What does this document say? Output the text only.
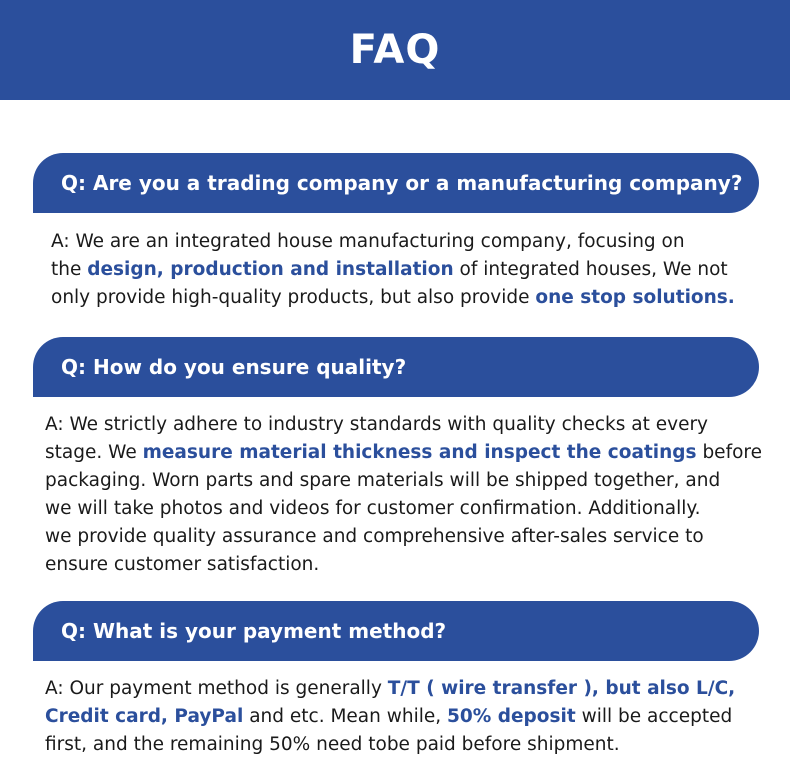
FAQ
Q: Are you a trading company or a manufacturing company?
A: We are an integrated house manufacturing company, focusing on
the design, production and installation of integrated houses, We not
only provide high-quality products, but also provide one stop solutions.
Q: How do you ensure quality?
A: We strictly adhere to industry standards with quality checks at every
stage. We measure material thickness and inspect the coatings before
packaging. Worn parts and spare materials will be shipped together, and
we will take photos and videos for customer confirmation. Additionally.
we provide quality assurance and comprehensive after-sales service to
ensure customer satisfaction.
Q: What is your payment method?
A: Our payment method is generally T/T ( wire transfer ), but also L/C,
Credit card, PayPal and etc. Mean while, 50% deposit will be accepted
first, and the remaining 50% need tobe paid before shipment.
